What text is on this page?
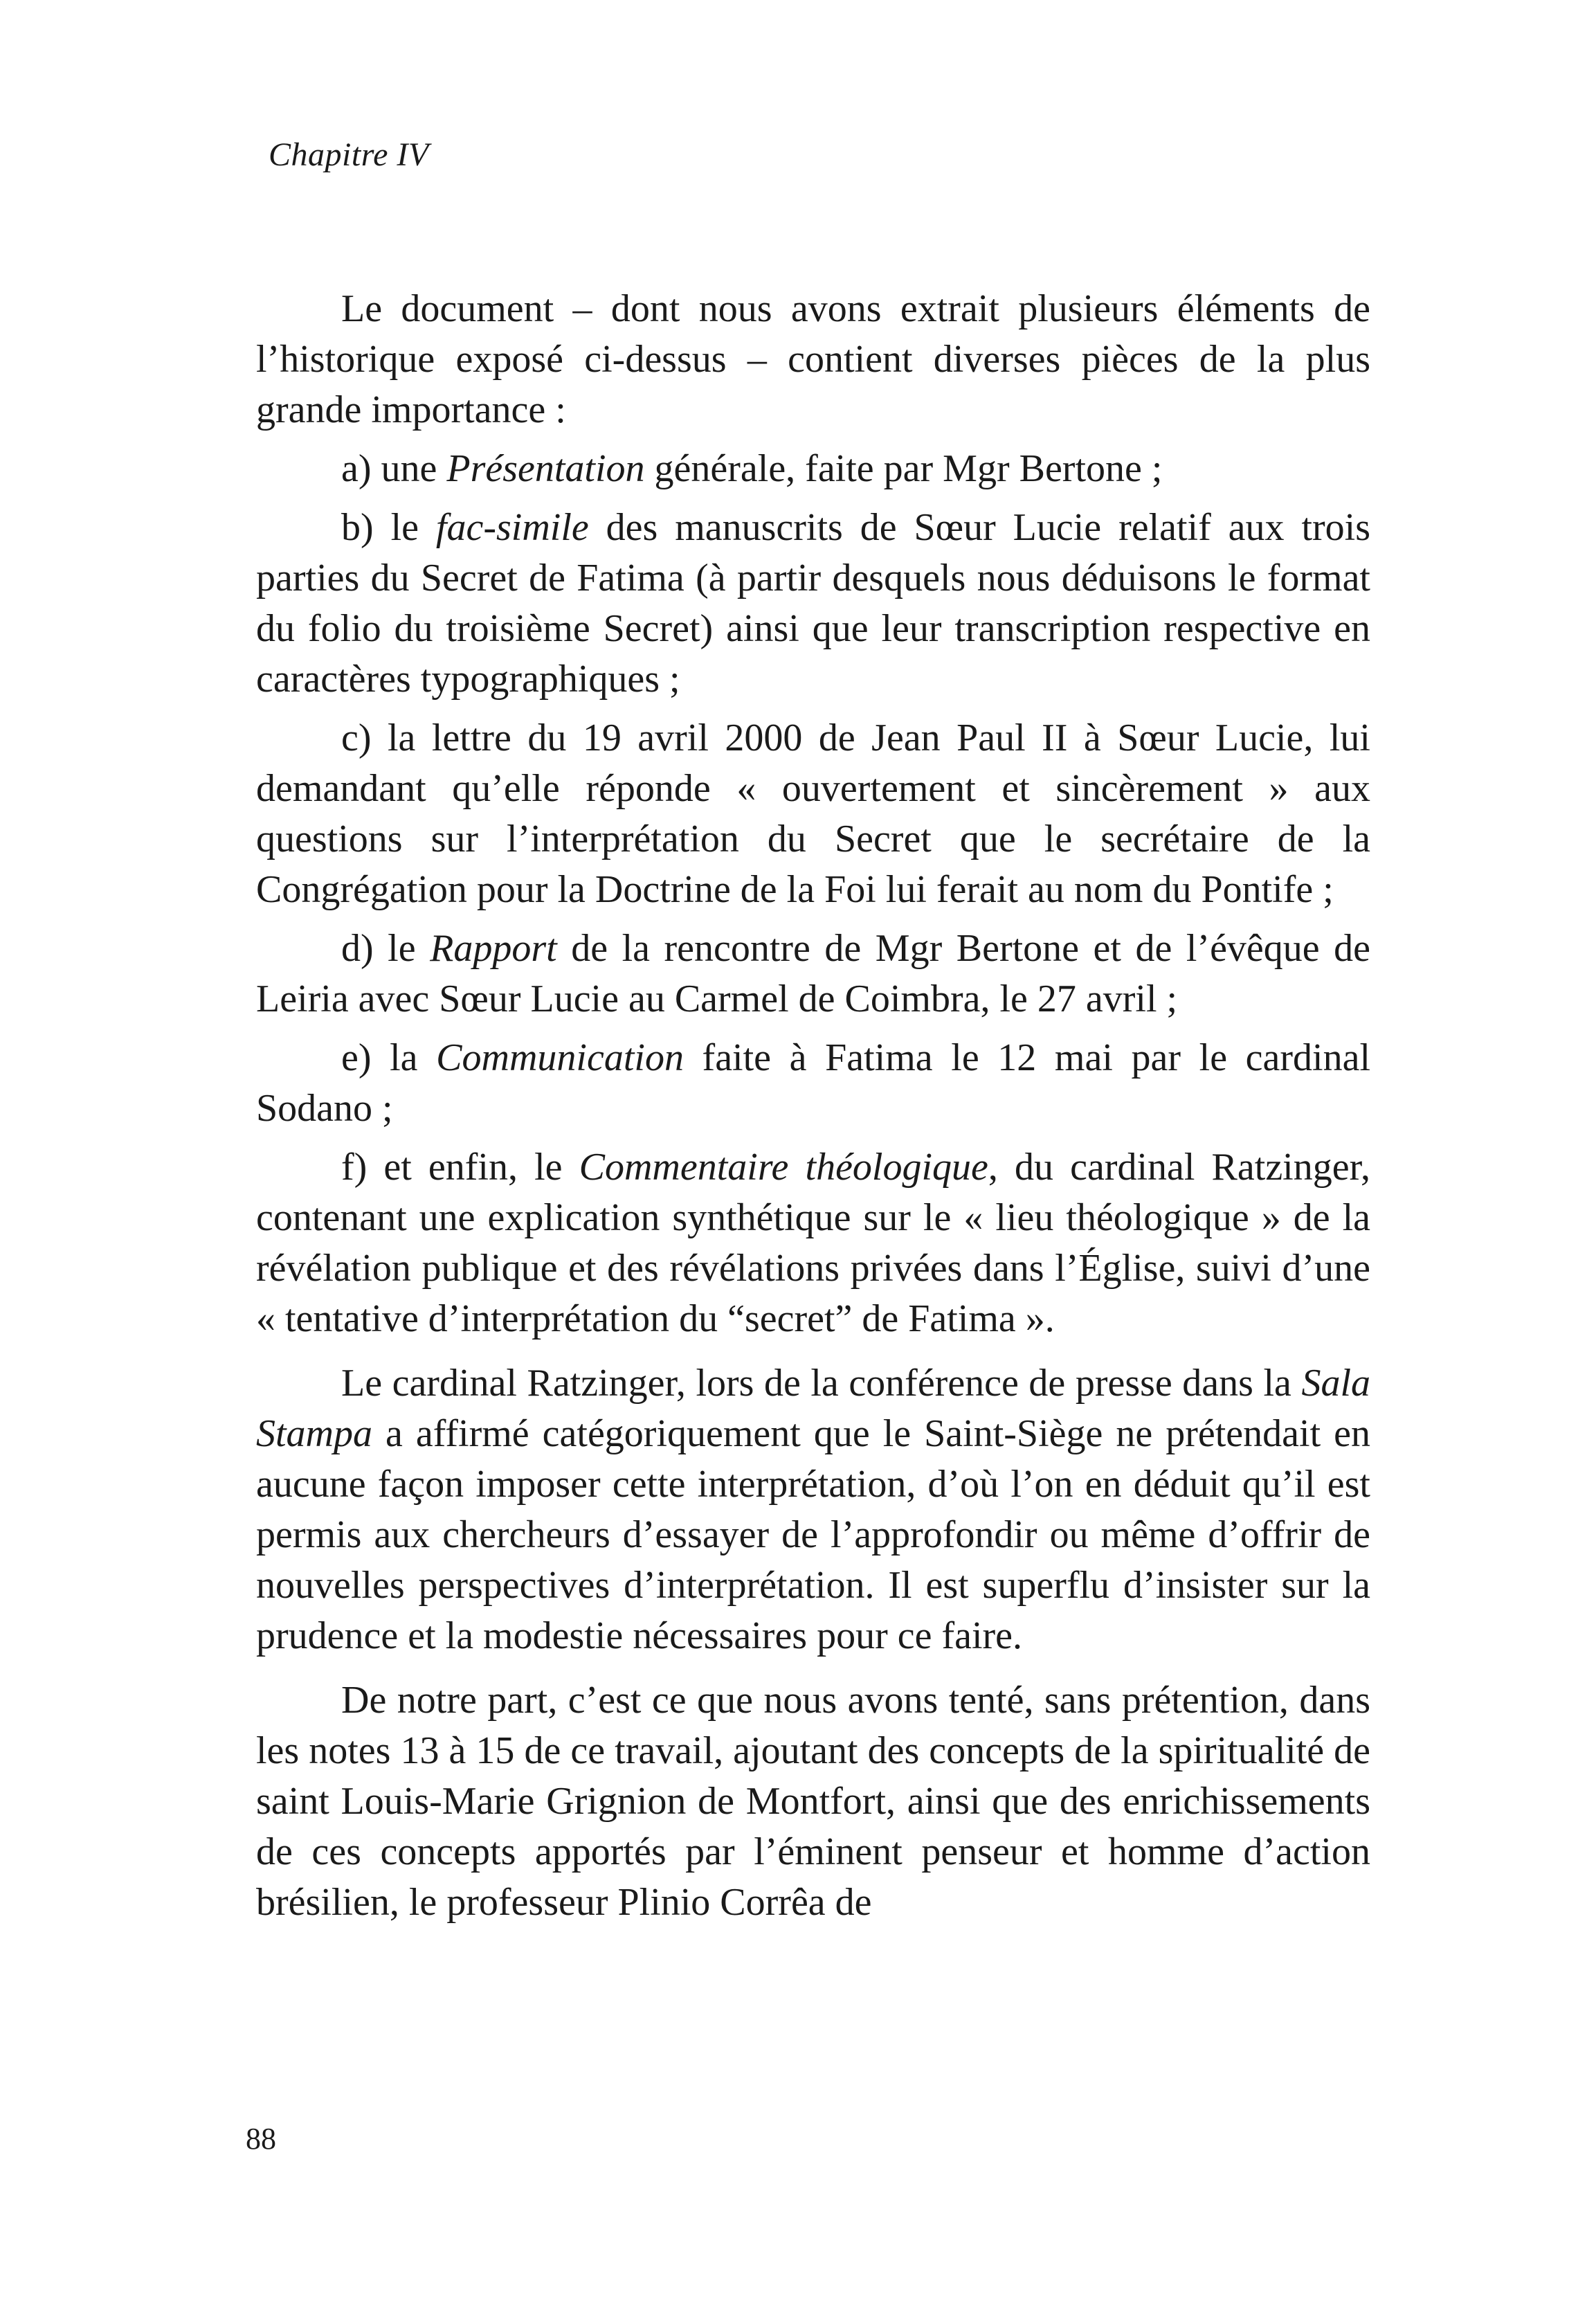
Chapitre IV

Le document – dont nous avons extrait plusieurs éléments de l’historique exposé ci-dessus – contient diverses pièces de la plus grande importance :

a) une Présentation générale, faite par Mgr Bertone ;

b) le fac-simile des manuscrits de Sœur Lucie relatif aux trois parties du Secret de Fatima (à partir desquels nous déduisons le format du folio du troisième Secret) ainsi que leur transcription respective en caractères typographiques ;

c) la lettre du 19 avril 2000 de Jean Paul II à Sœur Lucie, lui demandant qu’elle réponde « ouvertement et sincèrement » aux questions sur l’interprétation du Secret que le secrétaire de la Congrégation pour la Doctrine de la Foi lui ferait au nom du Pontife ;

d) le Rapport de la rencontre de Mgr Bertone et de l’évêque de Leiria avec Sœur Lucie au Carmel de Coimbra, le 27 avril ;

e) la Communication faite à Fatima le 12 mai par le cardinal Sodano ;

f) et enfin, le Commentaire théologique, du cardinal Ratzinger, contenant une explication synthétique sur le « lieu théologique » de la révélation publique et des révélations privées dans l’Église, suivi d’une « tentative d’interprétation du “secret” de Fatima ».

Le cardinal Ratzinger, lors de la conférence de presse dans la Sala Stampa a affirmé catégoriquement que le Saint-Siège ne prétendait en aucune façon imposer cette interprétation, d’où l’on en déduit qu’il est permis aux chercheurs d’essayer de l’approfondir ou même d’offrir de nouvelles perspectives d’interprétation. Il est superflu d’insister sur la prudence et la modestie nécessaires pour ce faire.

De notre part, c’est ce que nous avons tenté, sans prétention, dans les notes 13 à 15 de ce travail, ajoutant des concepts de la spiritualité de saint Louis-Marie Grignion de Montfort, ainsi que des enrichissements de ces concepts apportés par l’éminent penseur et homme d’action brésilien, le professeur Plinio Corrêa de

88
